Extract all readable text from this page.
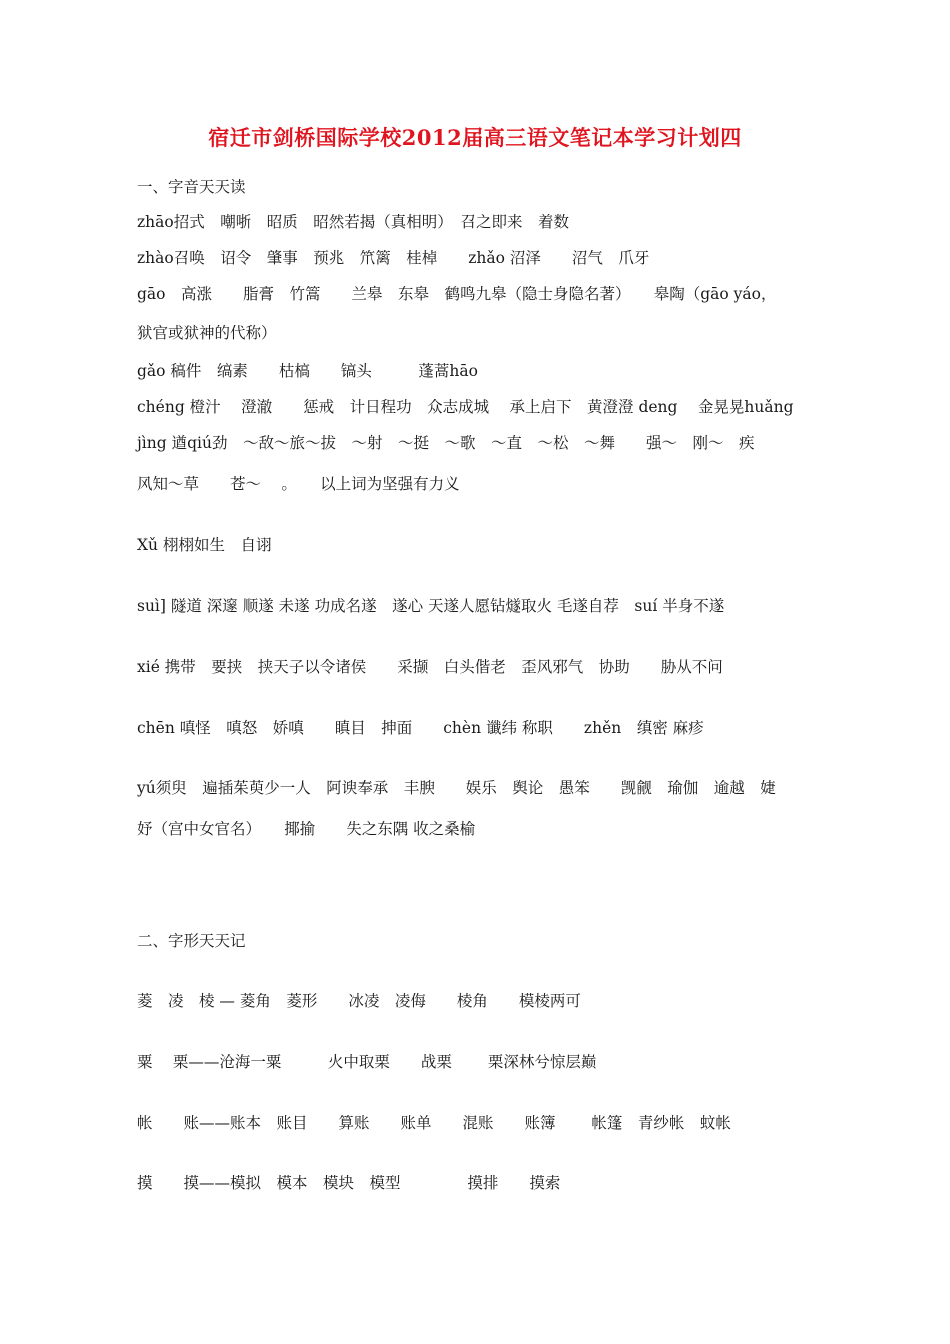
宿迁市剑桥国际学校2012届高三语文笔记本学习计划四
一、字音天天读
zhāo招式　嘲哳　昭质　昭然若揭（真相明）　召之即来　着数
zhào召唤　诏令　肇事　预兆　笊篱　桂棹　　zhǎo 沼泽　　沼气　爪牙
gāo　高涨　　脂膏　竹篙　　兰皋　东皋　鹤鸣九皋（隐士身隐名著）　　皋陶（gāo yáo，
狱官或狱神的代称）
gǎo 稿件　缟素　　枯槁　　镐头　　　蓬蒿hāo
chéng 橙汁　 澄澈　　惩戒　计日程功　众志成城　 承上启下　黄澄澄 deng　 金晃晃huǎng
jìng 遒qiú劲　～敌～旅～拔　～射　～挺　～歌　～直　～松　～舞　　强～　刚～　疾
风知～草　　苍～　 。　　以上词为坚强有力义
Xǔ 栩栩如生　自诩
suì] 隧道 深邃 顺遂 未遂 功成名遂　遂心 天遂人愿钻燧取火 毛遂自荐　suí 半身不遂
xié 携带　要挟　挟天子以令诸侯　　采撷　白头偕老　歪风邪气　协助　　胁从不问
chēn 嗔怪　嗔怒　娇嗔　　瞋目　抻面　　chèn 谶纬 称职　　zhěn　缜密 麻疹
yú须臾　遍插茱萸少一人　阿谀奉承　丰腴　　娱乐　舆论　愚笨　　觊觎　瑜伽　逾越　婕
妤（宫中女官名）　　揶揄　　失之东隅 收之桑榆
二、字形天天记
菱　凌　棱 — 菱角　菱形　　冰凌　凌侮　　棱角　　模棱两可
粟　 栗——沧海一粟　　　火中取栗　　战栗　　 栗深林兮惊层巅
帐　　账——账本　账目　　算账　　账单　　混账　　账簿　　 帐篷　青纱帐　蚊帐
摸　　摸——模拟　模本　模块　模型　　　　 摸排　　摸索
